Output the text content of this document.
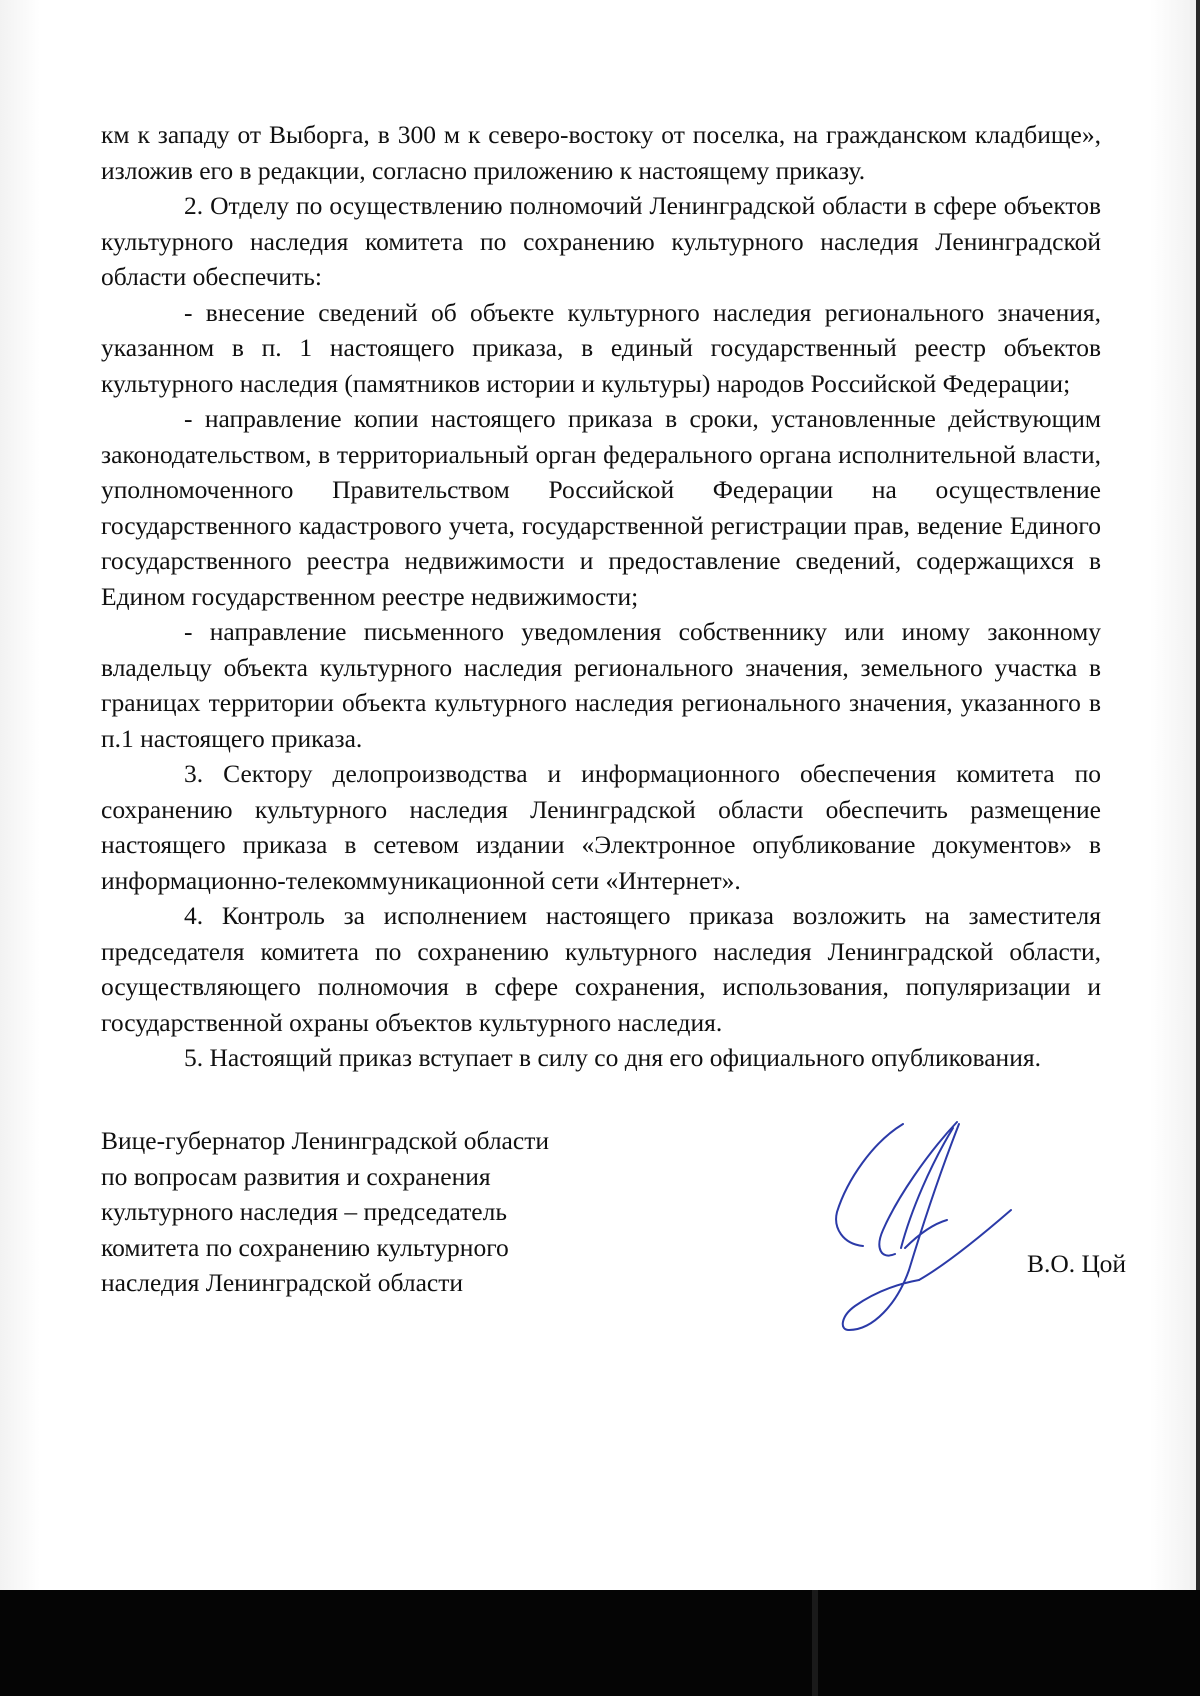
км к западу от Выборга, в 300 м к северо-востоку от поселка, на гражданском кладбище», изложив его в редакции, согласно приложению к настоящему приказу.

2. Отделу по осуществлению полномочий Ленинградской области в сфере объектов культурного наследия комитета по сохранению культурного наследия Ленинградской области обеспечить:

- внесение сведений об объекте культурного наследия регионального значения, указанном в п. 1 настоящего приказа, в единый государственный реестр объектов культурного наследия (памятников истории и культуры) народов Российской Федерации;

- направление копии настоящего приказа в сроки, установленные действующим законодательством, в территориальный орган федерального органа исполнительной власти, уполномоченного Правительством Российской Федерации на осуществление государственного кадастрового учета, государственной регистрации прав, ведение Единого государственного реестра недвижимости и предоставление сведений, содержащихся в Едином государственном реестре недвижимости;

- направление письменного уведомления собственнику или иному законному владельцу объекта культурного наследия регионального значения, земельного участка в границах территории объекта культурного наследия регионального значения, указанного в п.1 настоящего приказа.

3. Сектору делопроизводства и информационного обеспечения комитета по сохранению культурного наследия Ленинградской области обеспечить размещение настоящего приказа в сетевом издании «Электронное опубликование документов» в информационно-телекоммуникационной сети «Интернет».

4. Контроль за исполнением настоящего приказа возложить на заместителя председателя комитета по сохранению культурного наследия Ленинградской области, осуществляющего полномочия в сфере сохранения, использования, популяризации и государственной охраны объектов культурного наследия.

5. Настоящий приказ вступает в силу со дня его официального опубликования.

Вице-губернатор Ленинградской области
по вопросам развития и сохранения
культурного наследия – председатель
комитета по сохранению культурного
наследия Ленинградской области
В.О. Цой
